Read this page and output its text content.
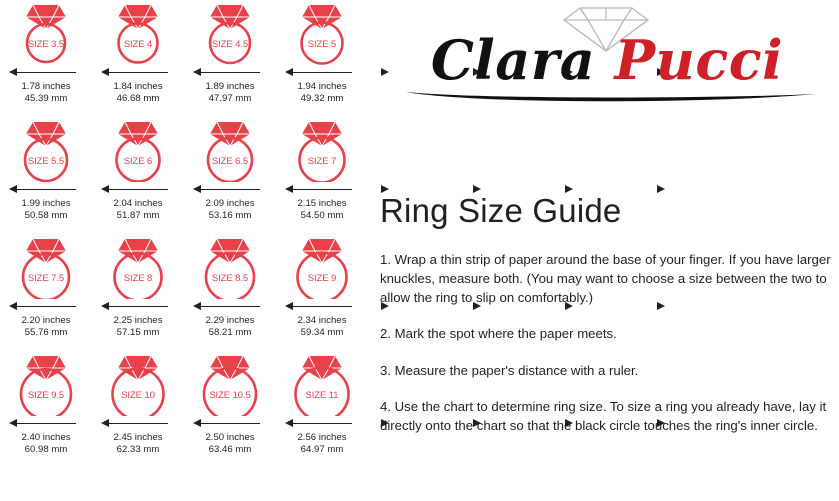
SIZE 3.5
1.78 inches
45.39 mm
SIZE 4
1.84 inches
46.68 mm
SIZE 4.5
1.89 inches
47.97 mm
SIZE 5
1.94 inches
49.32 mm
SIZE 5.5
1.99 inches
50.58 mm
SIZE 6
2.04 inches
51.87 mm
SIZE 6.5
2.09 inches
53.16 mm
SIZE 7
2.15 inches
54.50 mm
SIZE 7.5
2.20 inches
55.76 mm
SIZE 8
2.25 inches
57.15 mm
SIZE 8.5
2.29 inches
58.21 mm
SIZE 9
2.34 inches
59.34 mm
SIZE 9.5
2.40 inches
60.98 mm
SIZE 10
2.45 inches
62.33 mm
SIZE 10.5
2.50 inches
63.46 mm
SIZE 11
2.56 inches
64.97 mm
Clara Pucci
Ring Size Guide
1. Wrap a thin strip of paper around the base of your finger. If you have larger knuckles, measure both. (You may want to choose a size between the two to allow the ring to slip on comfortably.)
2. Mark the spot where the paper meets.
3. Measure the paper's distance with a ruler.
4. Use the chart to determine ring size. To size a ring you already have, lay it directly onto the chart so that the black circle touches the ring's inner circle.
